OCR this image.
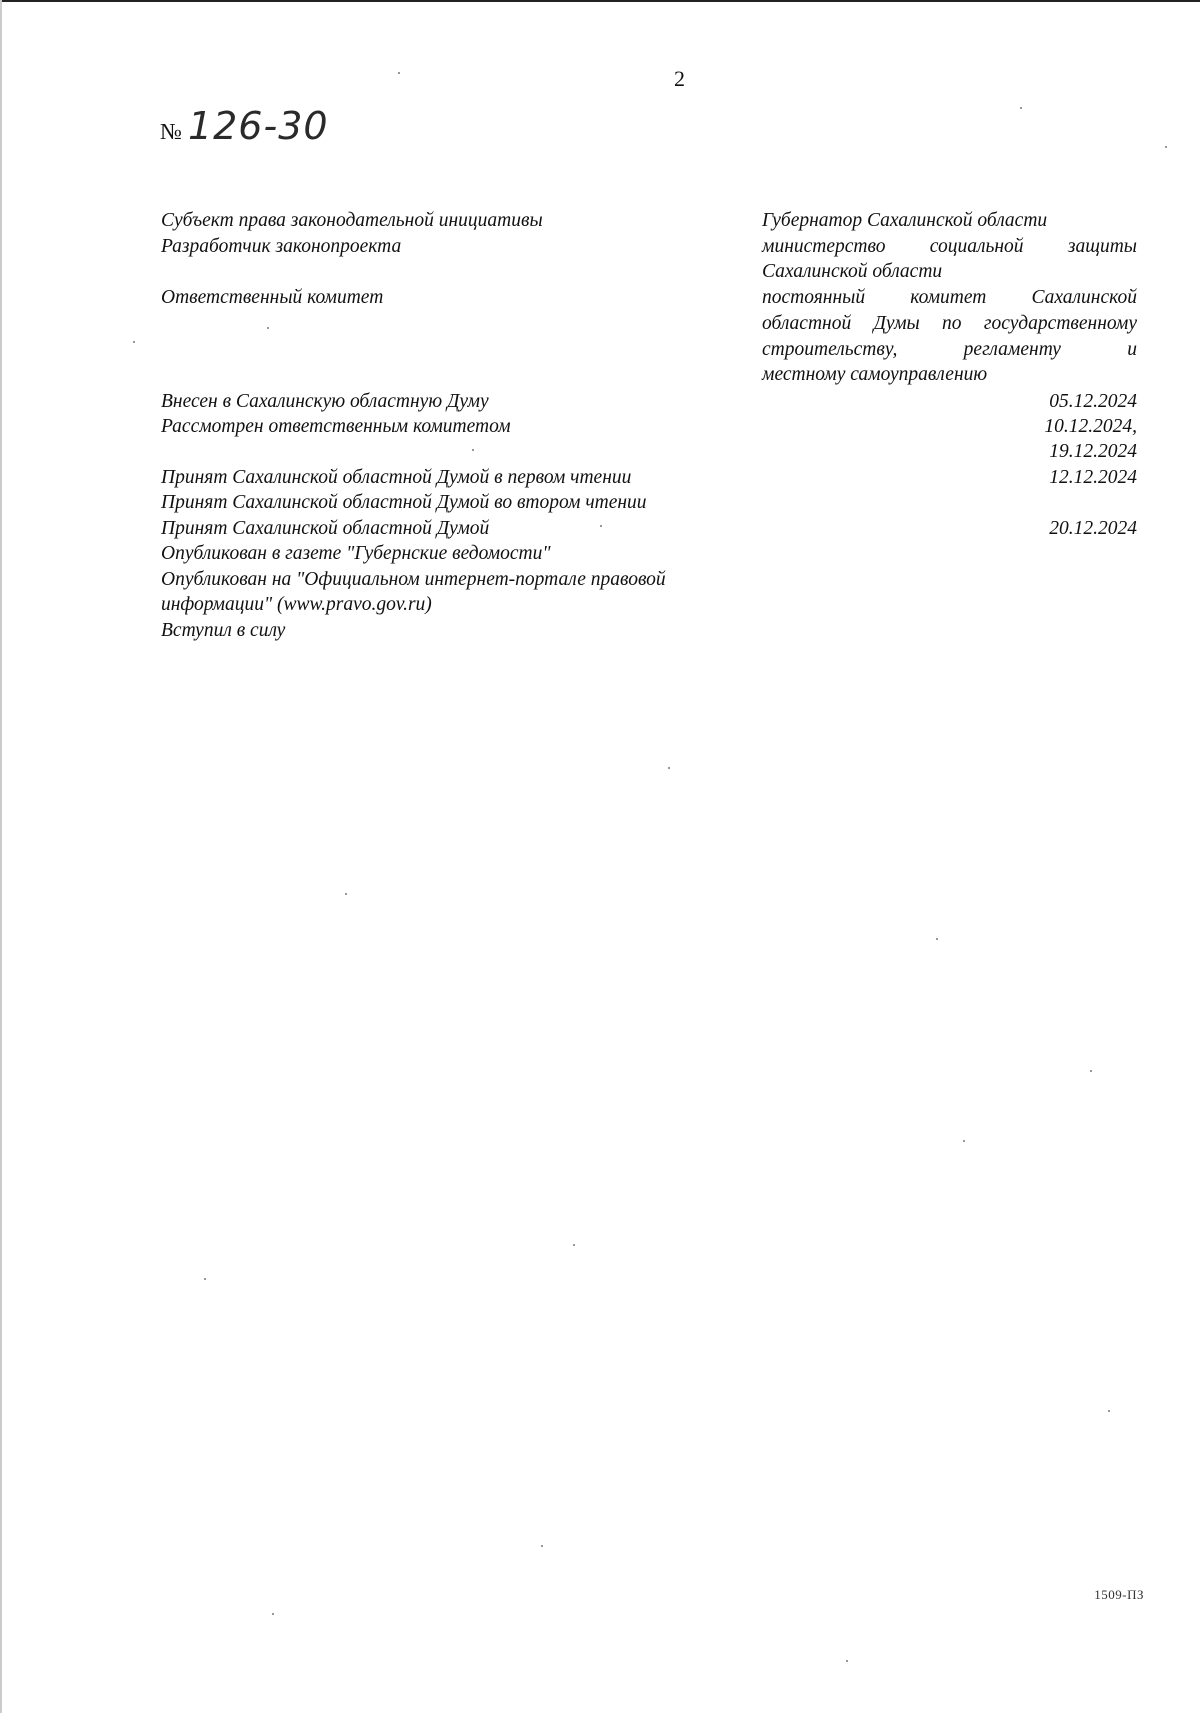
2
№ 126-30

Субъект права законодательной инициативы

Разработчик законопроекта

Ответственный комитет

Внесен в Сахалинскую областную Думу

Рассмотрен ответственным комитетом

Принят Сахалинской областной Думой в первом чтении

Принят Сахалинской областной Думой во втором чтении

Принят Сахалинской областной Думой

Опубликован в газете "Губернские ведомости"

Опубликован на "Официальном интернет-портале правовой

информации" (www.pravo.gov.ru)

Вступил в силу

Губернатор Сахалинской области

министерство социальной защиты

Сахалинской области

постоянный комитет Сахалинской

областной Думы по государственному

строительству, регламенту и

местному самоуправлению

05.12.2024
10.12.2024,
19.12.2024
12.12.2024
20.12.2024
1509-ПЗ
